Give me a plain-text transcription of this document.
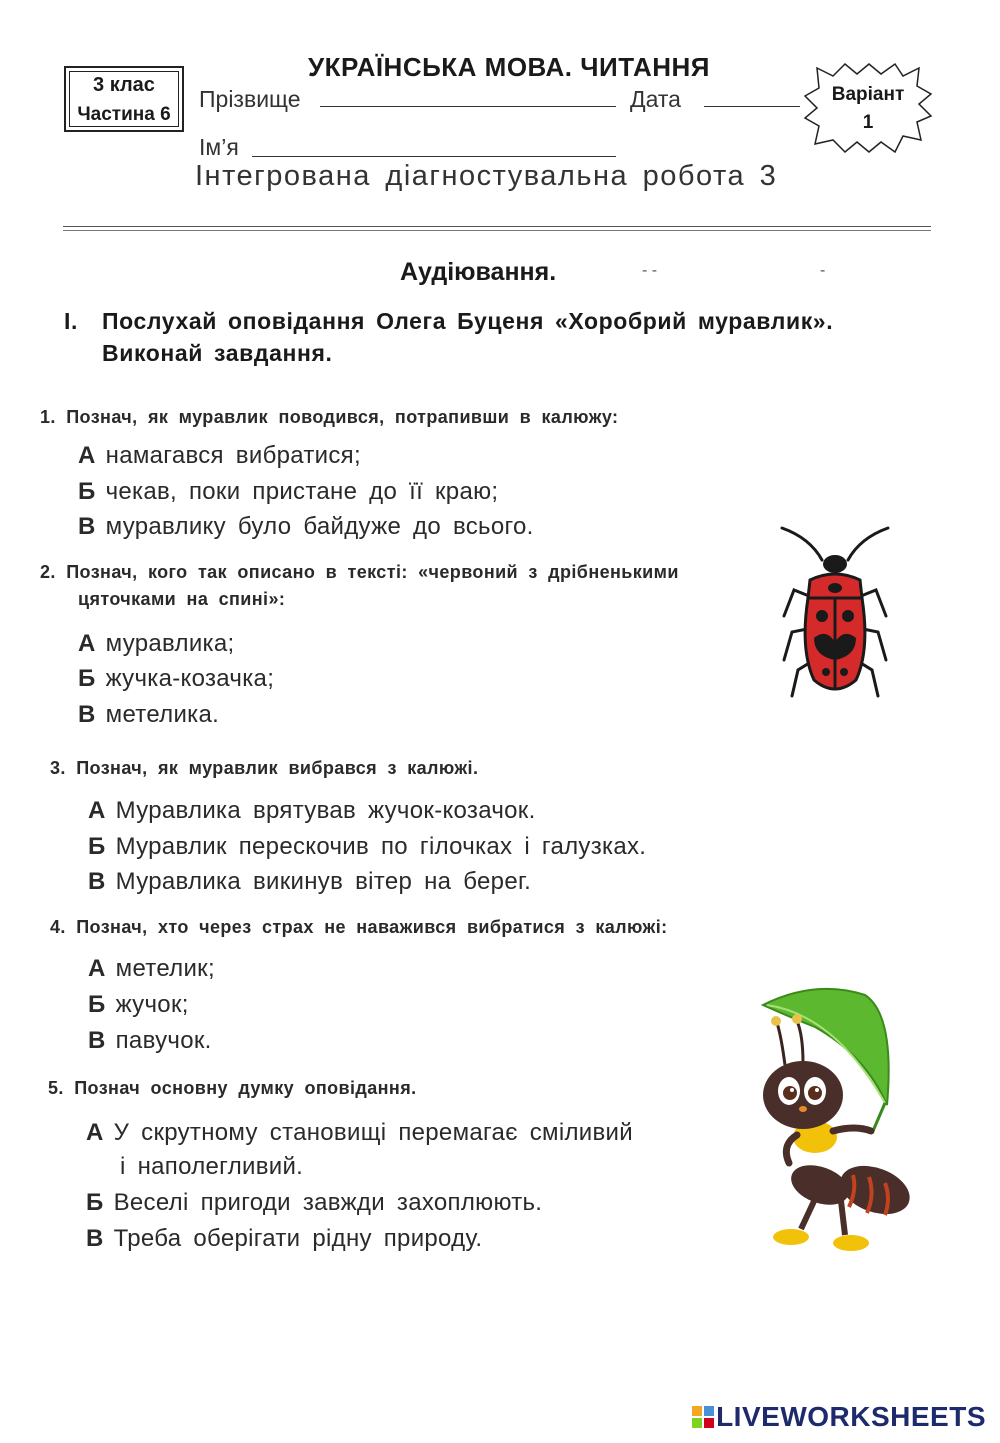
3 клас
Частина 6
УКРАЇНСЬКА МОВА. ЧИТАННЯ
Прізвище	Дата
Ім’я
Варіант
1
Інтегрована діагностувальна робота 3
Аудіювання.	- -	-
I. Послухай оповідання Олега Буценя «Хоробрий муравлик».
Виконай завдання.
1. Познач, як муравлик поводився, потрапивши в калюжу:
А намагався вибратися;
Б чекав, поки пристане до її краю;
В муравлику було байдуже до всього.
2. Познач, кого так описано в тексті: «червоний з дрібненькими
цяточками на спині»:
А муравлика;
Б жучка-козачка;
В метелика.
3. Познач, як муравлик вибрався з калюжі.
А Муравлика врятував жучок-козачок.
Б Муравлик перескочив по гілочках і галузках.
В Муравлика викинув вітер на берег.
4. Познач, хто через страх не наважився вибратися з калюжі:
А метелик;
Б жучок;
В павучок.
5. Познач основну думку оповідання.
А У скрутному становищі перемагає сміливий
і наполегливий.
Б Веселі пригоди завжди захоплюють.
В Треба оберігати рідну природу.
LIVEWORKSHEETS
